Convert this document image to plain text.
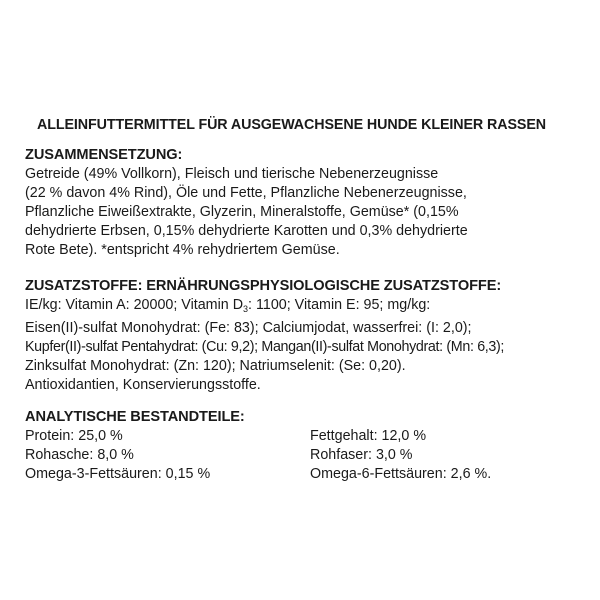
ALLEINFUTTERMITTEL FÜR AUSGEWACHSENE HUNDE KLEINER RASSEN
ZUSAMMENSETZUNG:
Getreide (49% Vollkorn), Fleisch und tierische Nebenerzeugnisse
(22 % davon 4% Rind), Öle und Fette, Pflanzliche Nebenerzeugnisse,
Pflanzliche Eiweißextrakte, Glyzerin, Mineralstoffe, Gemüse* (0,15%
dehydrierte Erbsen, 0,15% dehydrierte Karotten und 0,3% dehydrierte
Rote Bete). *entspricht 4% rehydriertem Gemüse.
ZUSATZSTOFFE: ERNÄHRUNGSPHYSIOLOGISCHE ZUSATZSTOFFE:
IE/kg: Vitamin A: 20000; Vitamin $D_3$: 1100; Vitamin E: 95; mg/kg:
Eisen(II)-sulfat Monohydrat: (Fe: 83); Calciumjodat, wasserfrei: (I: 2,0);
Kupfer(II)-sulfat Pentahydrat: (Cu: 9,2); Mangan(II)-sulfat Monohydrat: (Mn: 6,3);
Zinksulfat Monohydrat: (Zn: 120); Natriumselenit: (Se: 0,20).
Antioxidantien, Konservierungsstoffe.
ANALYTISCHE BESTANDTEILE:
Protein: 25,0 %	Fettgehalt: 12,0 %
Rohasche: 8,0 %	Rohfaser: 3,0 %
Omega-3-Fettsäuren: 0,15 %	Omega-6-Fettsäuren: 2,6 %.
